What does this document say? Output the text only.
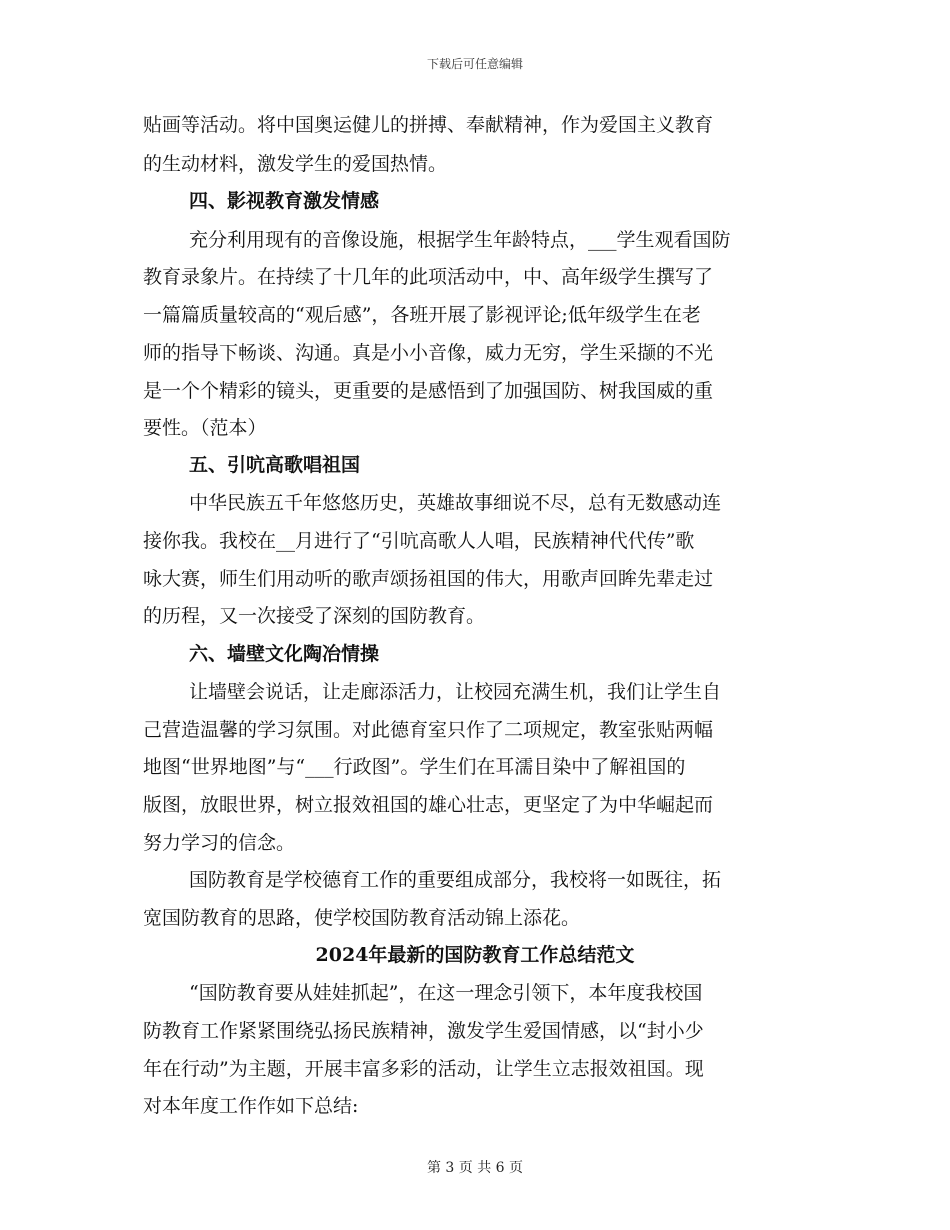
下载后可任意编辑
贴画等活动。将中国奥运健儿的拼搏、奉献精神，作为爱国主义教育
的生动材料，激发学生的爱国热情。
四、影视教育激发情感
充分利用现有的音像设施，根据学生年龄特点，___学生观看国防
教育录象片。在持续了十几年的此项活动中，中、高年级学生撰写了
一篇篇质量较高的“观后感”，各班开展了影视评论;低年级学生在老
师的指导下畅谈、沟通。真是小小音像，威力无穷，学生采撷的不光
是一个个精彩的镜头，更重要的是感悟到了加强国防、树我国威的重
要性。（范本）
五、引吭高歌唱祖国
中华民族五千年悠悠历史，英雄故事细说不尽，总有无数感动连
接你我。我校在__月进行了“引吭高歌人人唱，民族精神代代传”歌
咏大赛，师生们用动听的歌声颂扬祖国的伟大，用歌声回眸先辈走过
的历程，又一次接受了深刻的国防教育。
六、墙壁文化陶冶情操
让墙壁会说话，让走廊添活力，让校园充满生机，我们让学生自
己营造温馨的学习氛围。对此德育室只作了二项规定，教室张贴两幅
地图“世界地图”与“___行政图”。学生们在耳濡目染中了解祖国的
版图，放眼世界，树立报效祖国的雄心壮志，更坚定了为中华崛起而
努力学习的信念。
国防教育是学校德育工作的重要组成部分，我校将一如既往，拓
宽国防教育的思路，使学校国防教育活动锦上添花。
2024年最新的国防教育工作总结范文
“国防教育要从娃娃抓起”，在这一理念引领下，本年度我校国
防教育工作紧紧围绕弘扬民族精神，激发学生爱国情感，以“封小少
年在行动”为主题，开展丰富多彩的活动，让学生立志报效祖国。现
对本年度工作作如下总结:
第 3 页 共 6 页
